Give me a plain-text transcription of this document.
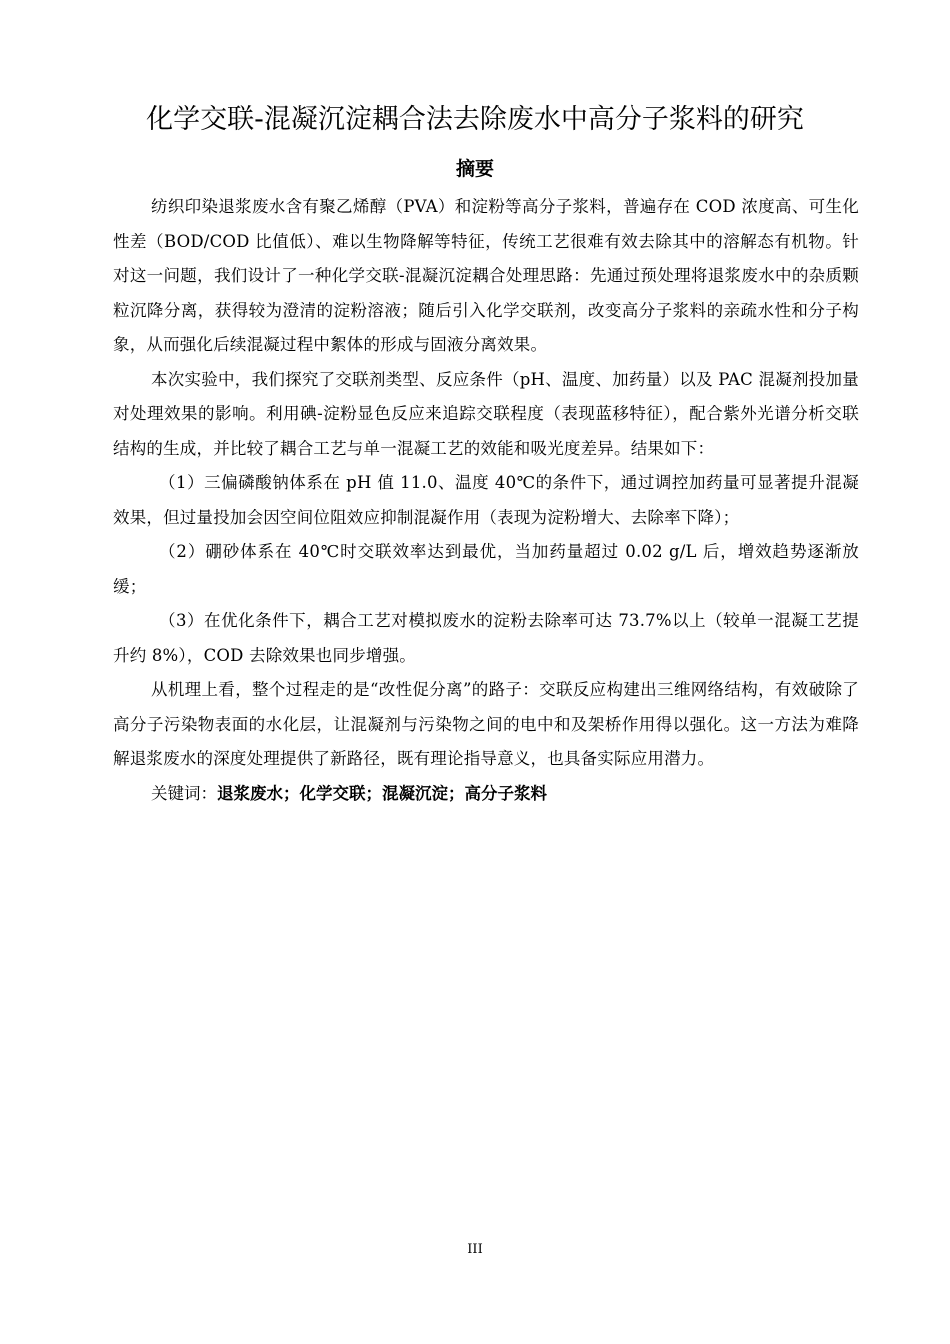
化学交联-混凝沉淀耦合法去除废水中高分子浆料的研究
摘要

纺织印染退浆废水含有聚乙烯醇（PVA）和淀粉等高分子浆料，普遍存在 COD 浓度高、可生化性差（BOD/COD 比值低）、难以生物降解等特征，传统工艺很难有效去除其中的溶解态有机物。针对这一问题，我们设计了一种化学交联-混凝沉淀耦合处理思路：先通过预处理将退浆废水中的杂质颗粒沉降分离，获得较为澄清的淀粉溶液；随后引入化学交联剂，改变高分子浆料的亲疏水性和分子构象，从而强化后续混凝过程中絮体的形成与固液分离效果。

本次实验中，我们探究了交联剂类型、反应条件（pH、温度、加药量）以及 PAC 混凝剂投加量对处理效果的影响。利用碘-淀粉显色反应来追踪交联程度（表现蓝移特征），配合紫外光谱分析交联结构的生成，并比较了耦合工艺与单一混凝工艺的效能和吸光度差异。结果如下：

（1）三偏磷酸钠体系在 pH 值 11.0、温度 40℃的条件下，通过调控加药量可显著提升混凝效果，但过量投加会因空间位阻效应抑制混凝作用（表现为淀粉增大、去除率下降）；

（2）硼砂体系在 40℃时交联效率达到最优，当加药量超过 0.02 g/L 后，增效趋势逐渐放缓；

（3）在优化条件下，耦合工艺对模拟废水的淀粉去除率可达 73.7%以上（较单一混凝工艺提升约 8%），COD 去除效果也同步增强。

从机理上看，整个过程走的是“改性促分离”的路子：交联反应构建出三维网络结构，有效破除了高分子污染物表面的水化层，让混凝剂与污染物之间的电中和及架桥作用得以强化。这一方法为难降解退浆废水的深度处理提供了新路径，既有理论指导意义，也具备实际应用潜力。

关键词：退浆废水；化学交联；混凝沉淀；高分子浆料

III
